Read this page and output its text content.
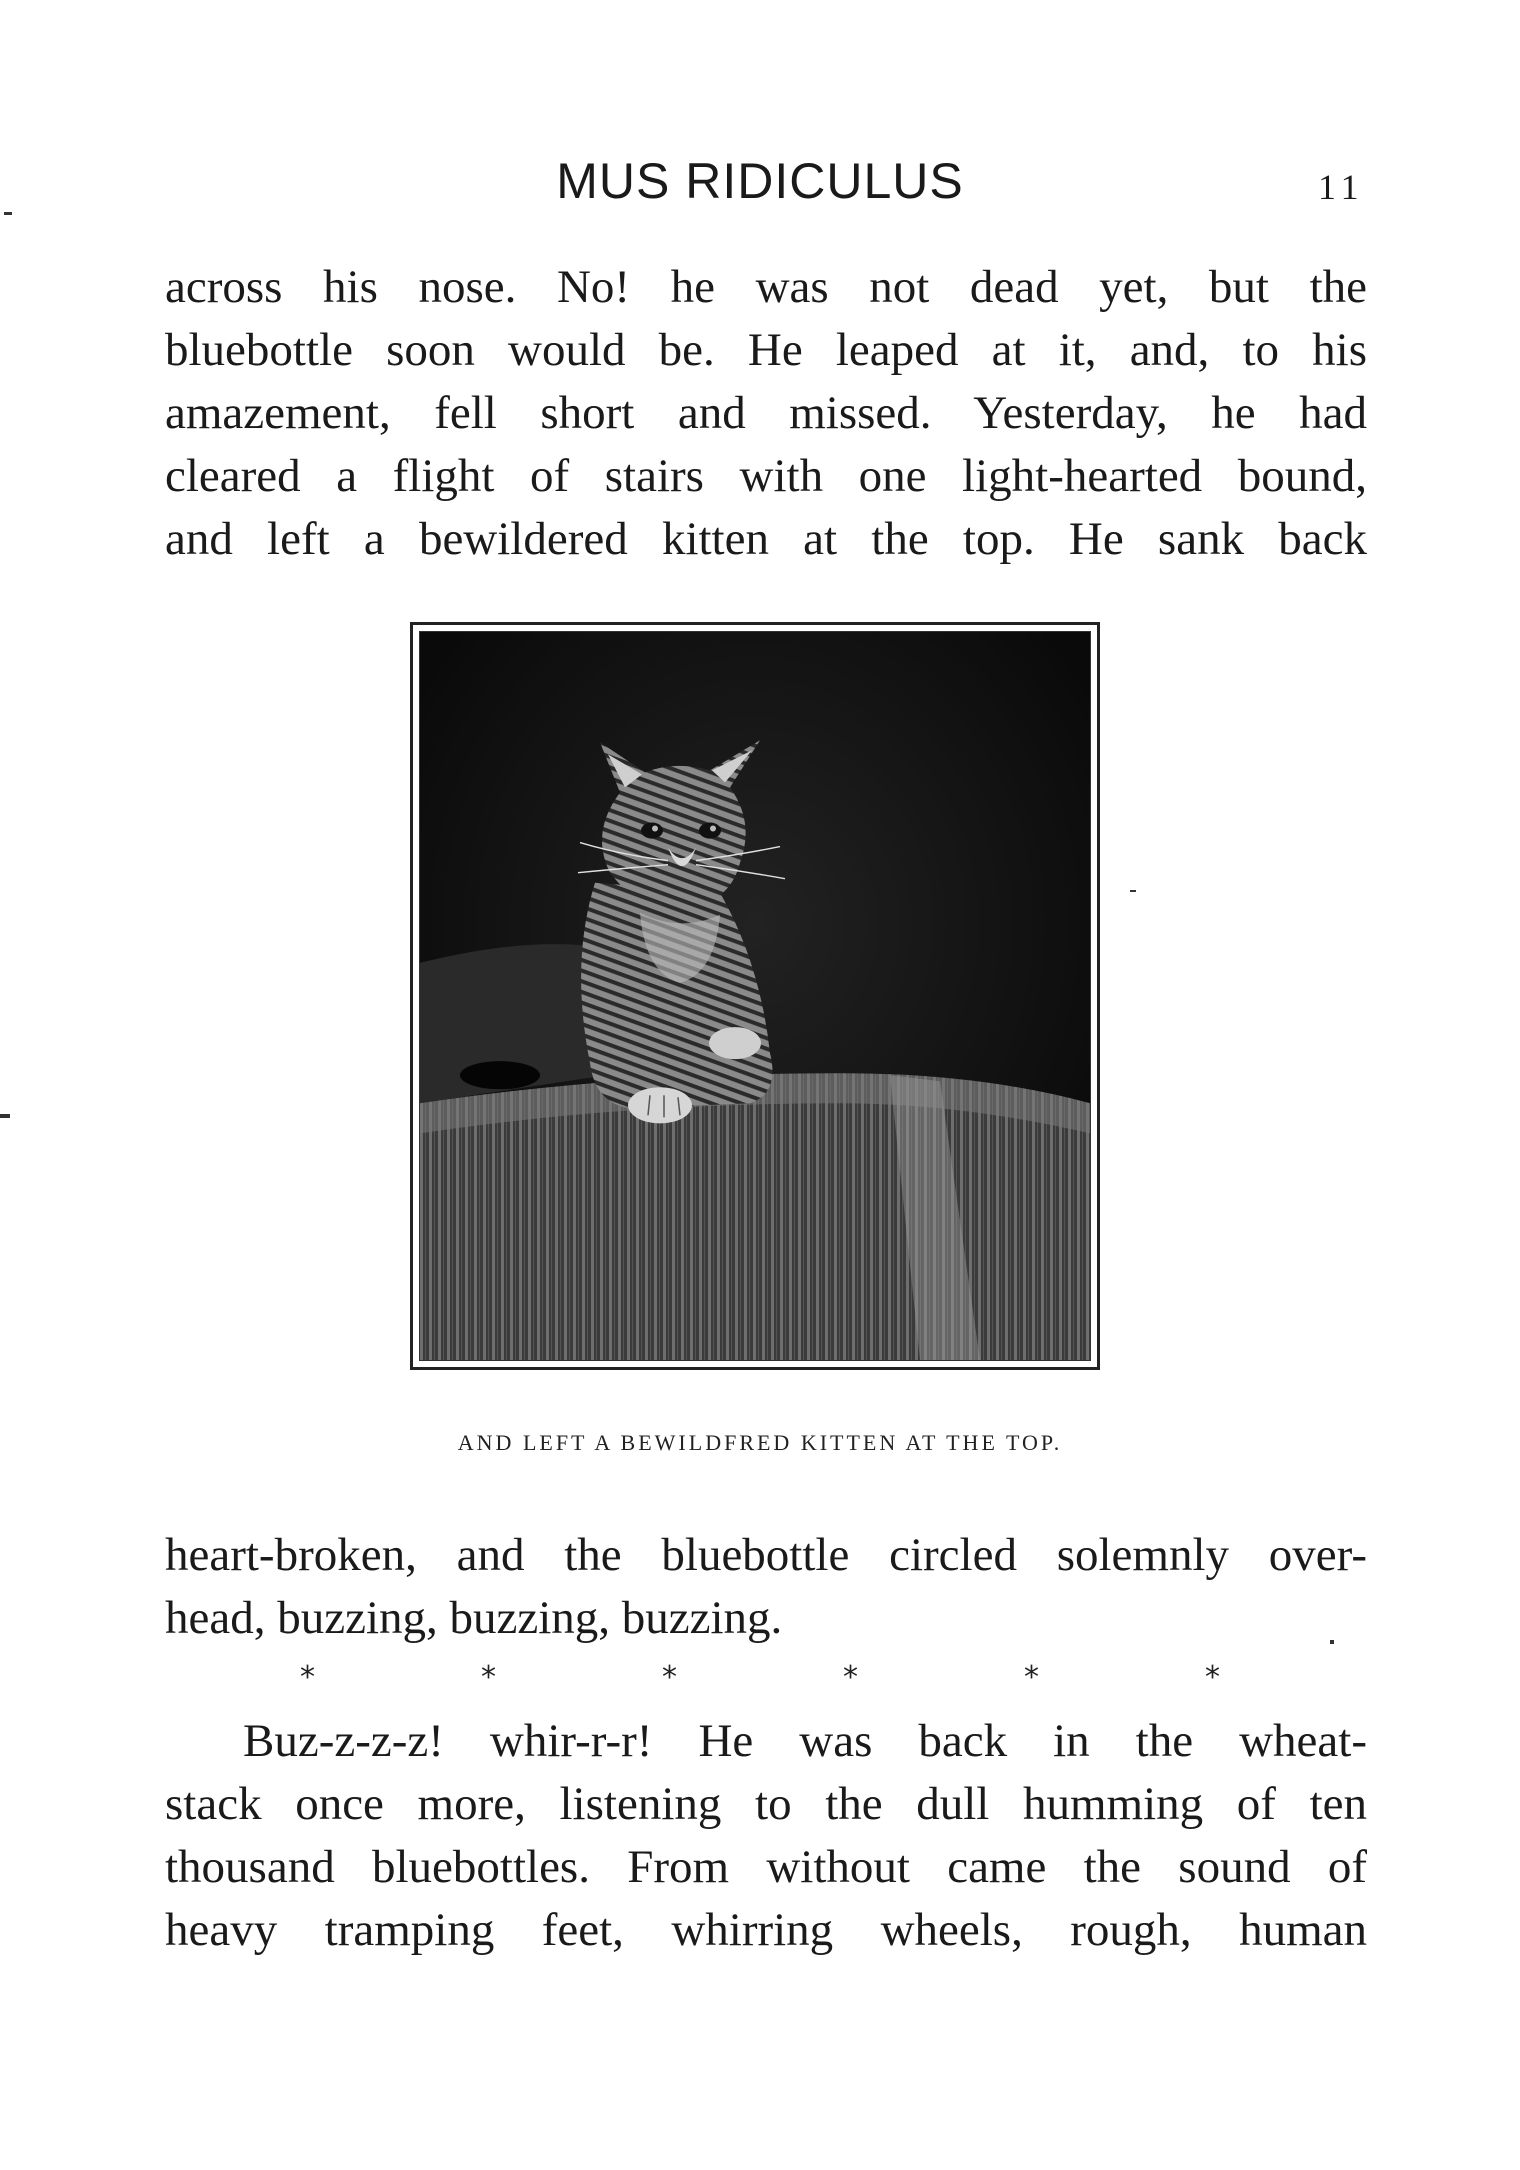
MUS RIDICULUS	11
across his nose. No! he was not dead yet, but the
bluebottle soon would be. He leaped at it, and, to his
amazement, fell short and missed. Yesterday, he had
cleared a flight of stairs with one light-hearted bound,
and left a bewildered kitten at the top. He sank back
AND LEFT A BEWILDFRED KITTEN AT THE TOP.
heart-broken, and the bluebottle circled solemnly over-
head, buzzing, buzzing, buzzing.
*	*	*	*	*	*
Buz-z-z-z! whir-r-r! He was back in the wheat-
stack once more, listening to the dull humming of ten
thousand bluebottles. From without came the sound of
heavy tramping feet, whirring wheels, rough, human
